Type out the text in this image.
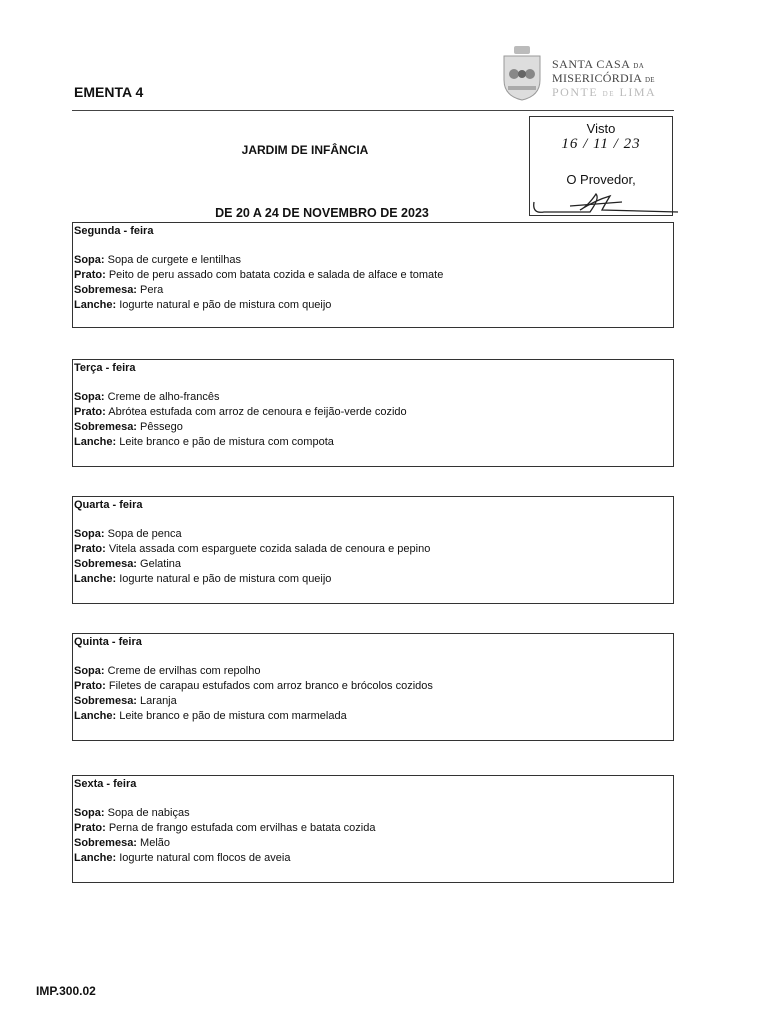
EMENTA 4
SANTA CASA DA
MISERICÓRDIA DE
PONTE DE LIMA
JARDIM DE INFÂNCIA
DE 20 A 24 DE NOVEMBRO DE 2023
Visto
16 / 11 / 23
O Provedor,
Segunda - feira
Sopa: Sopa de curgete e lentilhas
Prato: Peito de peru assado com batata cozida e salada de alface e tomate
Sobremesa: Pera
Lanche: Iogurte natural e pão de mistura com queijo
Terça - feira
Sopa: Creme de alho-francês
Prato: Abrótea estufada com arroz de cenoura e feijão-verde cozido
Sobremesa: Pêssego
Lanche: Leite branco e pão de mistura com compota
Quarta - feira
Sopa: Sopa de penca
Prato: Vitela assada com esparguete cozida salada de cenoura e pepino
Sobremesa: Gelatina
Lanche: Iogurte natural e pão de mistura com queijo
Quinta - feira
Sopa: Creme de ervilhas com repolho
Prato: Filetes de carapau estufados com arroz branco e brócolos cozidos
Sobremesa: Laranja
Lanche: Leite branco e pão de mistura com marmelada
Sexta - feira
Sopa: Sopa de nabiças
Prato: Perna de frango estufada com ervilhas e batata cozida
Sobremesa: Melão
Lanche: Iogurte natural com flocos de aveia
IMP.300.02
